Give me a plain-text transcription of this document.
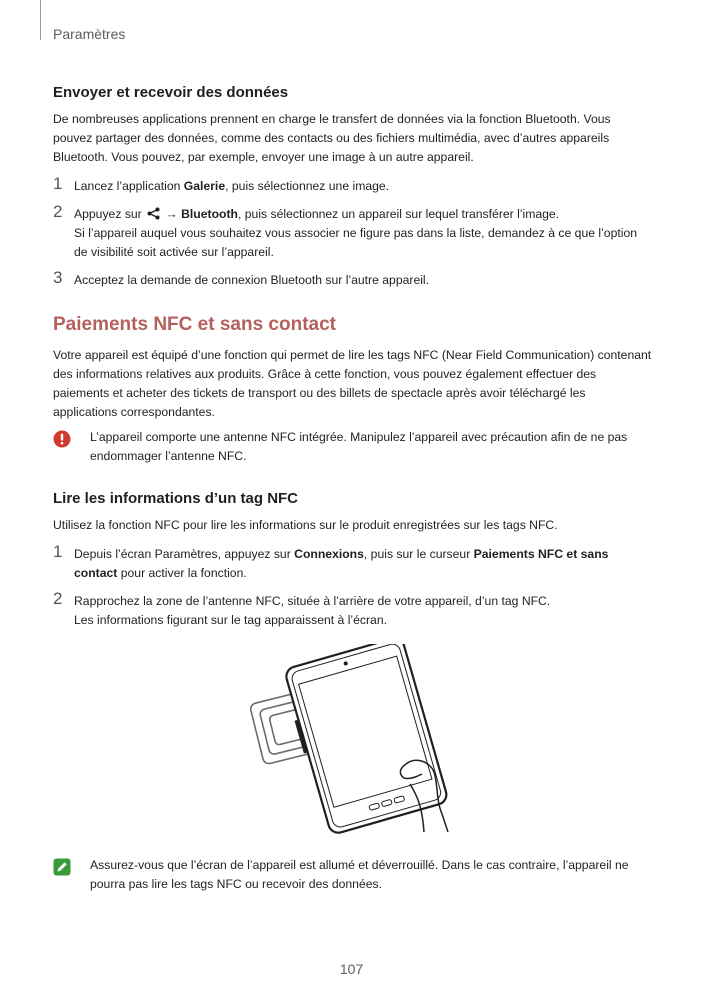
Paramètres
Envoyer et recevoir des données

De nombreuses applications prennent en charge le transfert de données via la fonction Bluetooth. Vous pouvez partager des données, comme des contacts ou des fichiers multimédia, avec d’autres appareils Bluetooth. Vous pouvez, par exemple, envoyer une image à un autre appareil.

1 Lancez l’application Galerie, puis sélectionnez une image.
2 Appuyez sur  → Bluetooth, puis sélectionnez un appareil sur lequel transférer l’image.
Si l’appareil auquel vous souhaitez vous associer ne figure pas dans la liste, demandez à ce que l’option de visibilité soit activée sur l’appareil.
3 Acceptez la demande de connexion Bluetooth sur l’autre appareil.
Paiements NFC et sans contact

Votre appareil est équipé d’une fonction qui permet de lire les tags NFC (Near Field Communication) contenant des informations relatives aux produits. Grâce à cette fonction, vous pouvez également effectuer des paiements et acheter des tickets de transport ou des billets de spectacle après avoir téléchargé les applications correspondantes.

L’appareil comporte une antenne NFC intégrée. Manipulez l’appareil avec précaution afin de ne pas endommager l’antenne NFC.
Lire les informations d’un tag NFC

Utilisez la fonction NFC pour lire les informations sur le produit enregistrées sur les tags NFC.

1 Depuis l’écran Paramètres, appuyez sur Connexions, puis sur le curseur Paiements NFC et sans contact pour activer la fonction.
2 Rapprochez la zone de l’antenne NFC, située à l’arrière de votre appareil, d’un tag NFC.
Les informations figurant sur le tag apparaissent à l’écran.
Assurez-vous que l’écran de l’appareil est allumé et déverrouillé. Dans le cas contraire, l’appareil ne pourra pas lire les tags NFC ou recevoir des données.
107
